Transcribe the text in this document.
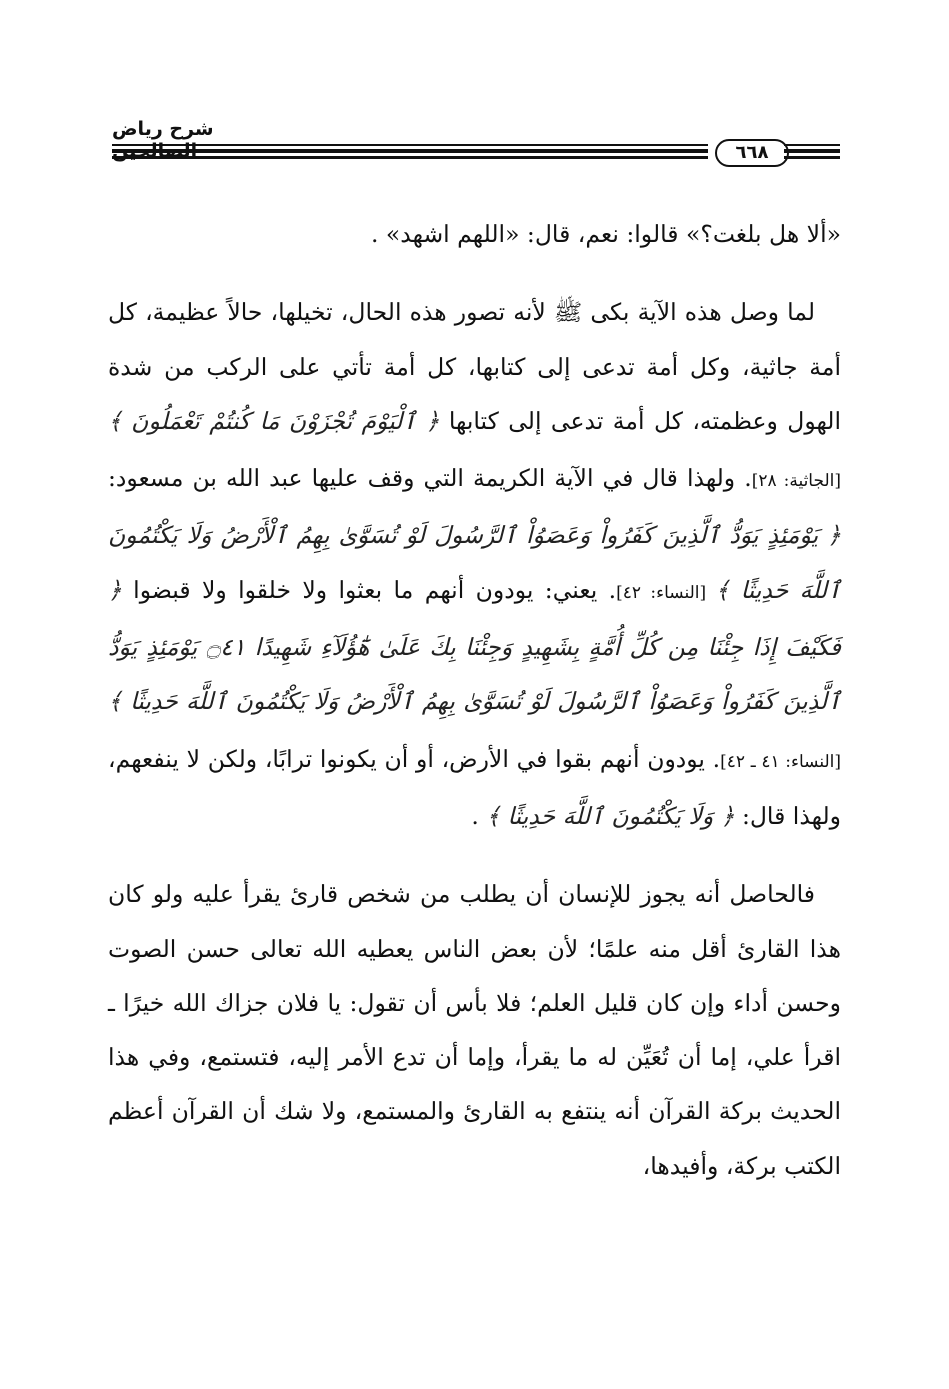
شرح رياض
٦٦٨

«ألا هل بلغت؟» قالوا: نعم، قال: «اللهم اشهد» .

لما وصل هذه الآية بكى ﷺ لأنه تصور هذه الحال، تخيلها، حالاً عظيمة، كل أمة جاثية، وكل أمة تدعى إلى كتابها، كل أمة تأتي على الركب من شدة الهول وعظمته، كل أمة تدعى إلى كتابها ﴿ ٱلْيَوْمَ تُجْزَوْنَ مَا كُنتُمْ تَعْمَلُونَ ﴾ [الجاثية: ٢٨]. ولهذا قال في الآية الكريمة التي وقف عليها عبد الله بن مسعود: ﴿ يَوْمَئِذٍ يَوَدُّ ٱلَّذِينَ كَفَرُواْ وَعَصَوُاْ ٱلرَّسُولَ لَوْ تُسَوَّىٰ بِهِمُ ٱلْأَرْضُ وَلَا يَكْتُمُونَ ٱللَّهَ حَدِيثًا ﴾ [النساء: ٤٢]. يعني: يودون أنهم ما بعثوا ولا خلقوا ولا قبضوا ﴿ فَكَيْفَ إِذَا جِئْنَا مِن كُلِّ أُمَّةٍ بِشَهِيدٍ وَجِئْنَا بِكَ عَلَىٰ هَٰٓؤُلَآءِ شَهِيدًا ۝٤١ يَوْمَئِذٍ يَوَدُّ ٱلَّذِينَ كَفَرُواْ وَعَصَوُاْ ٱلرَّسُولَ لَوْ تُسَوَّىٰ بِهِمُ ٱلْأَرْضُ وَلَا يَكْتُمُونَ ٱللَّهَ حَدِيثًا ﴾ [النساء: ٤١ ـ ٤٢]. يودون أنهم بقوا في الأرض، أو أن يكونوا ترابًا، ولكن لا ينفعهم، ولهذا قال: ﴿ وَلَا يَكْتُمُونَ ٱللَّهَ حَدِيثًا ﴾ .

فالحاصل أنه يجوز للإنسان أن يطلب من شخص قارئ يقرأ عليه ولو كان هذا القارئ أقل منه علمًا؛ لأن بعض الناس يعطيه الله تعالى حسن الصوت وحسن أداء وإن كان قليل العلم؛ فلا بأس أن تقول: يا فلان جزاك الله خيرًا ـ اقرأ علي، إما أن تُعَيِّن له ما يقرأ، وإما أن تدع الأمر إليه، فتستمع، وفي هذا الحديث بركة القرآن أنه ينتفع به القارئ والمستمع، ولا شك أن القرآن أعظم الكتب بركة، وأفيدها،
